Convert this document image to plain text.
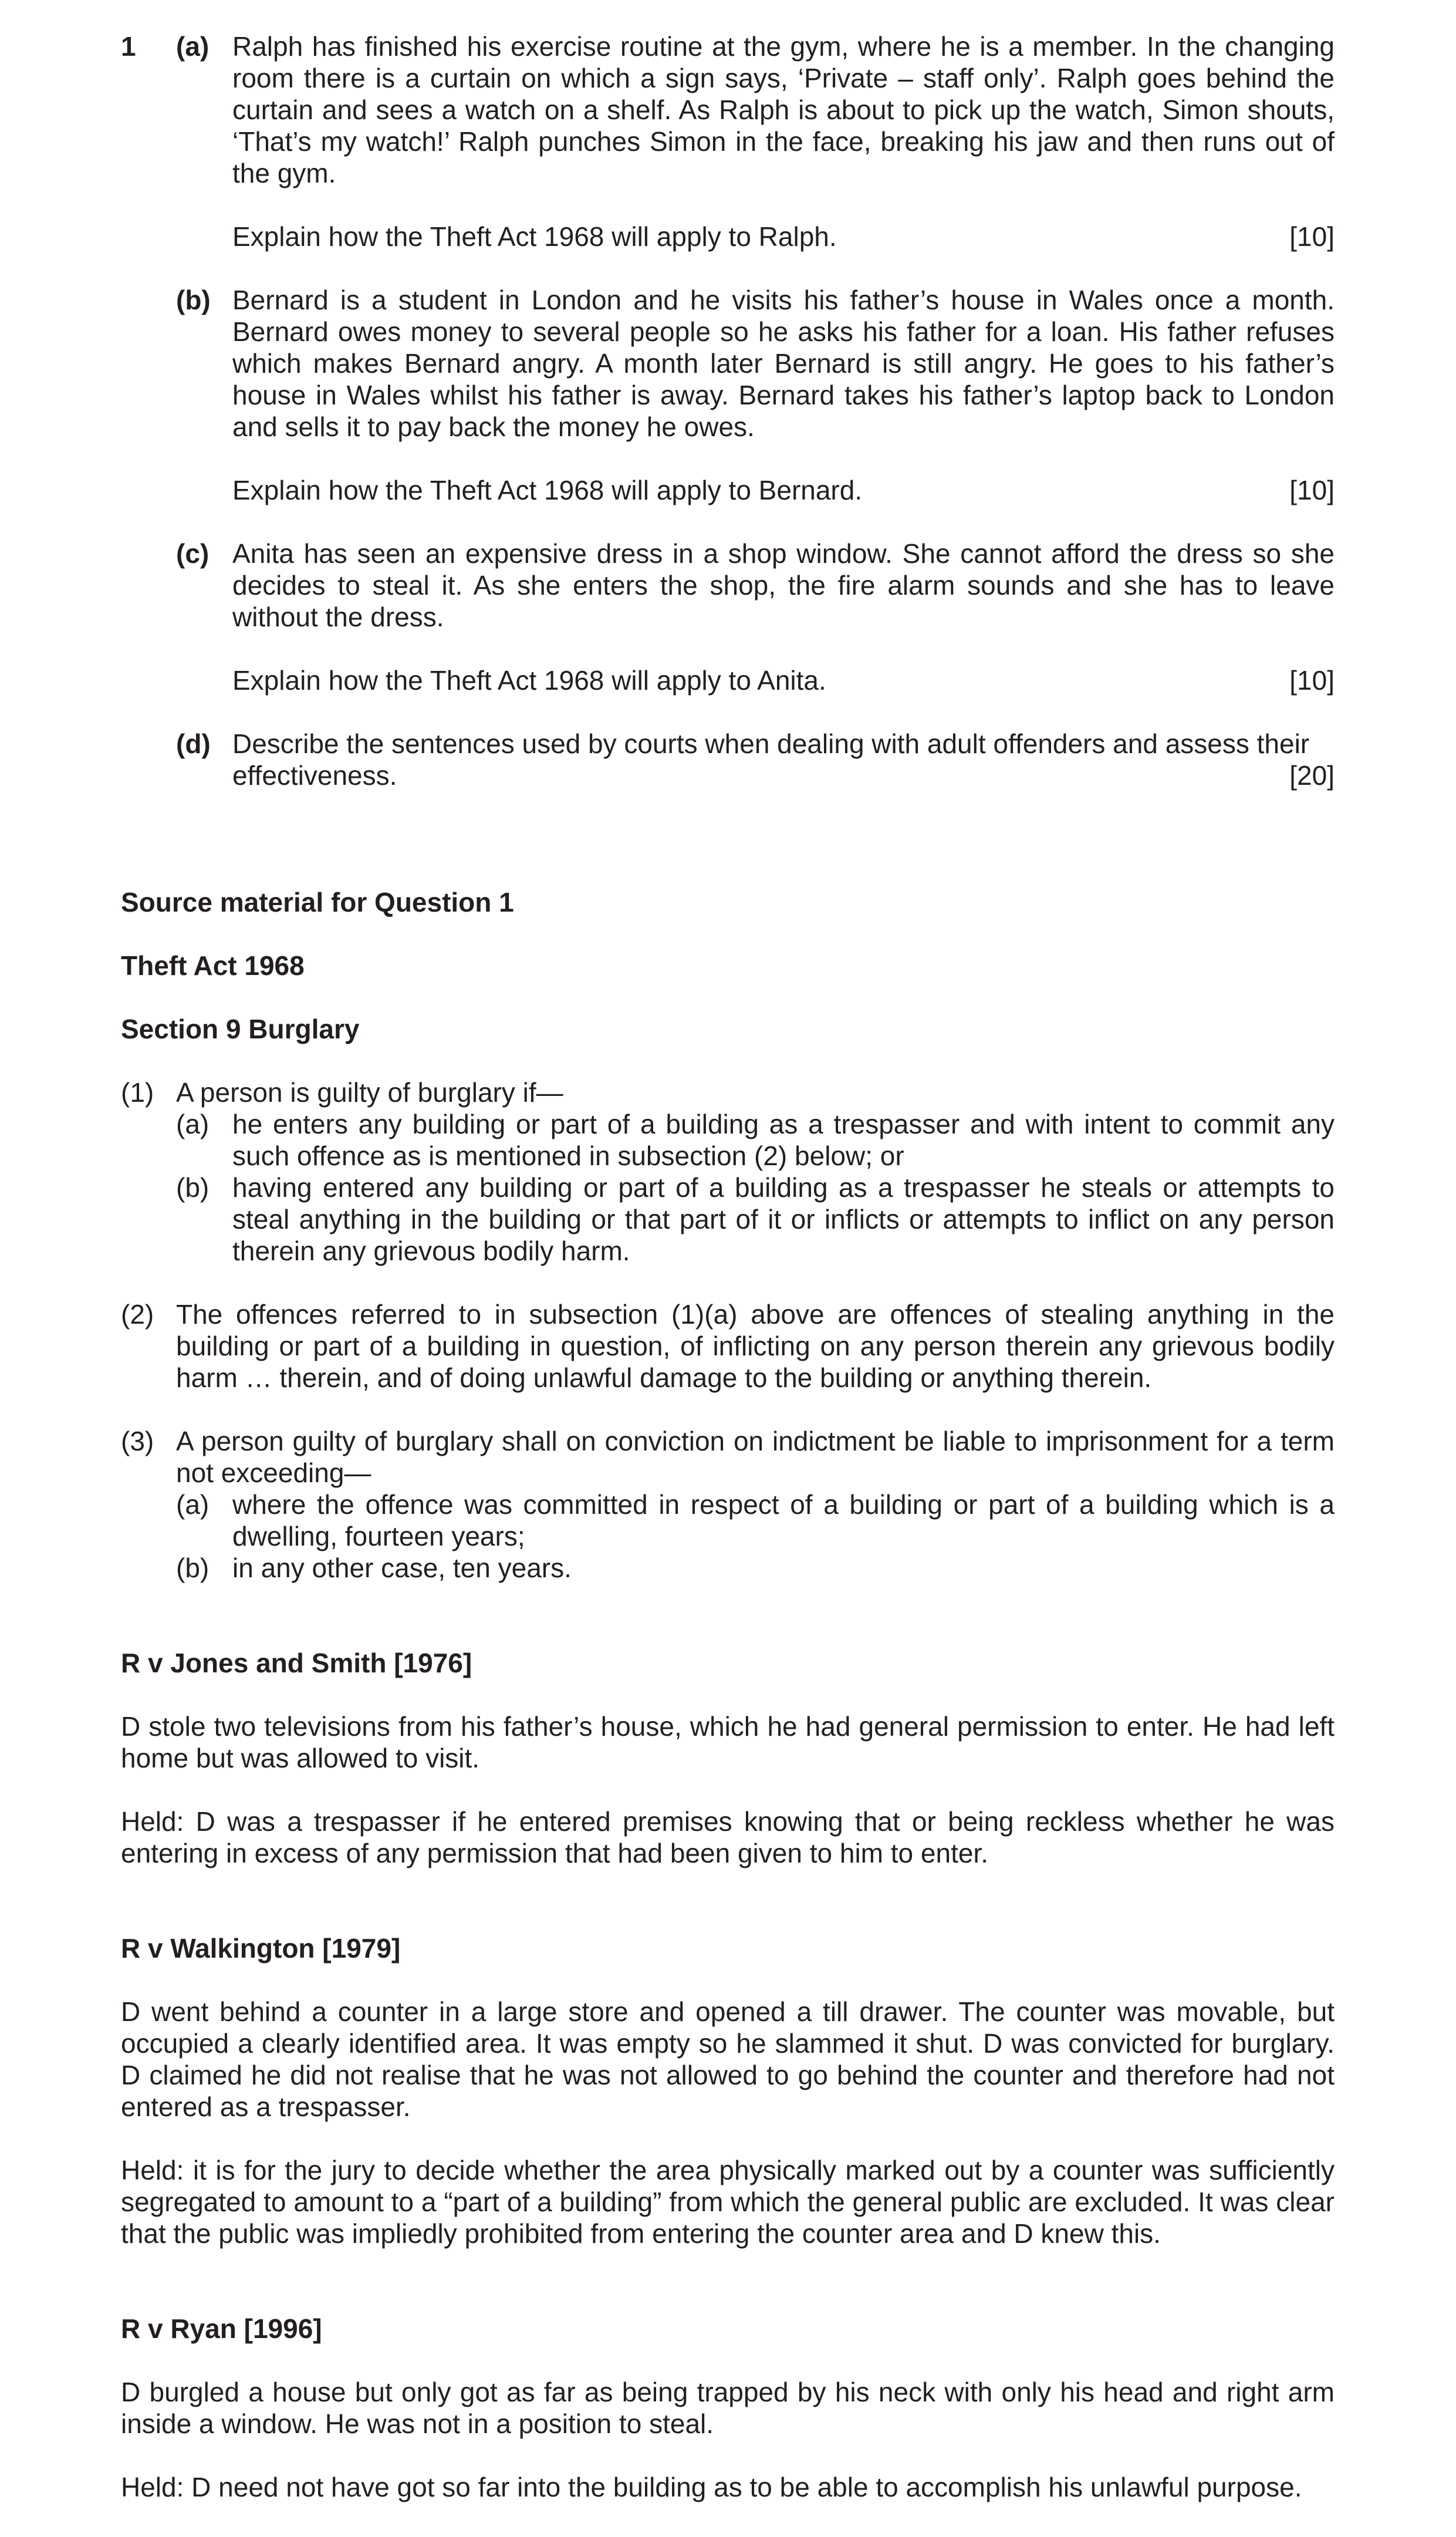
1	(a) Ralph has finished his exercise routine at the gym, where he is a member. In the changing room there is a curtain on which a sign says, ‘Private – staff only’. Ralph goes behind the curtain and sees a watch on a shelf. As Ralph is about to pick up the watch, Simon shouts, ‘That’s my watch!’ Ralph punches Simon in the face, breaking his jaw and then runs out of the gym.
Explain how the Theft Act 1968 will apply to Ralph.	[10]
(b) Bernard is a student in London and he visits his father’s house in Wales once a month. Bernard owes money to several people so he asks his father for a loan. His father refuses which makes Bernard angry. A month later Bernard is still angry. He goes to his father’s house in Wales whilst his father is away. Bernard takes his father’s laptop back to London and sells it to pay back the money he owes.
Explain how the Theft Act 1968 will apply to Bernard.	[10]
(c) Anita has seen an expensive dress in a shop window. She cannot afford the dress so she decides to steal it. As she enters the shop, the fire alarm sounds and she has to leave without the dress.
Explain how the Theft Act 1968 will apply to Anita.	[10]
(d) Describe the sentences used by courts when dealing with adult offenders and assess their
effectiveness.	[20]
Source material for Question 1
Theft Act 1968
Section 9 Burglary
(1) A person is guilty of burglary if—
(a) he enters any building or part of a building as a trespasser and with intent to commit any such offence as is mentioned in subsection (2) below; or
(b) having entered any building or part of a building as a trespasser he steals or attempts to steal anything in the building or that part of it or inflicts or attempts to inflict on any person therein any grievous bodily harm.
(2) The offences referred to in subsection (1)(a) above are offences of stealing anything in the building or part of a building in question, of inflicting on any person therein any grievous bodily harm … therein, and of doing unlawful damage to the building or anything therein.
(3) A person guilty of burglary shall on conviction on indictment be liable to imprisonment for a term not exceeding—
(a) where the offence was committed in respect of a building or part of a building which is a dwelling, fourteen years;
(b) in any other case, ten years.
R v Jones and Smith [1976]
D stole two televisions from his father’s house, which he had general permission to enter. He had left home but was allowed to visit.
Held: D was a trespasser if he entered premises knowing that or being reckless whether he was entering in excess of any permission that had been given to him to enter.
R v Walkington [1979]
D went behind a counter in a large store and opened a till drawer. The counter was movable, but occupied a clearly identified area. It was empty so he slammed it shut. D was convicted for burglary. D claimed he did not realise that he was not allowed to go behind the counter and therefore had not entered as a trespasser.
Held: it is for the jury to decide whether the area physically marked out by a counter was sufficiently segregated to amount to a “part of a building” from which the general public are excluded. It was clear that the public was impliedly prohibited from entering the counter area and D knew this.
R v Ryan [1996]
D burgled a house but only got as far as being trapped by his neck with only his head and right arm inside a window. He was not in a position to steal.
Held: D need not have got so far into the building as to be able to accomplish his unlawful purpose.
